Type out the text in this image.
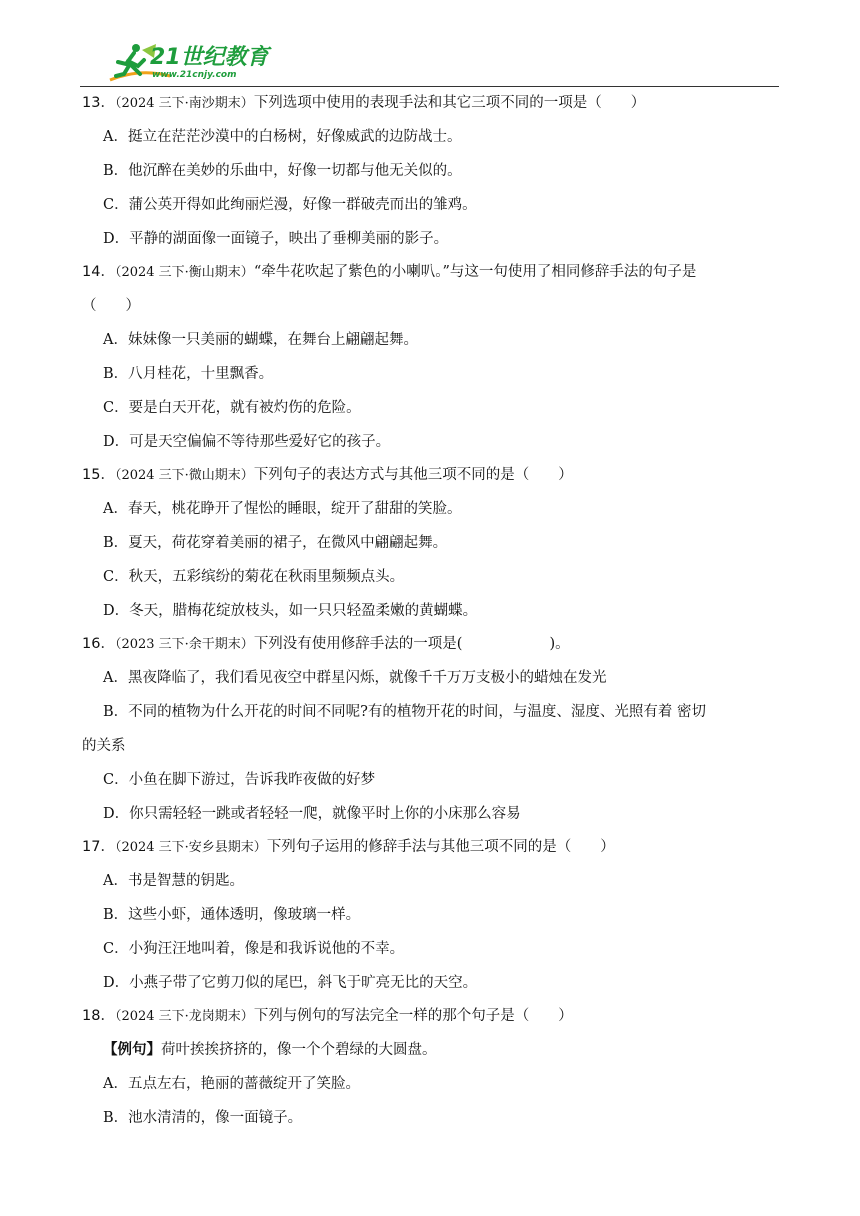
21世纪教育
www.21cnjy.com
13．（2024 三下·南沙期末）下列选项中使用的表现手法和其它三项不同的一项是（　　）
A．挺立在茫茫沙漠中的白杨树，好像威武的边防战士。
B．他沉醉在美妙的乐曲中，好像一切都与他无关似的。
C．蒲公英开得如此绚丽烂漫，好像一群破壳而出的雏鸡。
D．平静的湖面像一面镜子，映出了垂柳美丽的影子。
14．（2024 三下·衡山期末）“牵牛花吹起了紫色的小喇叭。”与这一句使用了相同修辞手法的句子是
（　　）
A．妹妹像一只美丽的蝴蝶，在舞台上翩翩起舞。
B．八月桂花，十里飘香。
C．要是白天开花，就有被灼伤的危险。
D．可是天空偏偏不等待那些爱好它的孩子。
15．（2024 三下·微山期末）下列句子的表达方式与其他三项不同的是（　　）
A．春天，桃花睁开了惺忪的睡眼，绽开了甜甜的笑脸。
B．夏天，荷花穿着美丽的裙子，在微风中翩翩起舞。
C．秋天，五彩缤纷的菊花在秋雨里频频点头。
D．冬天，腊梅花绽放枝头，如一只只轻盈柔嫩的黄蝴蝶。
16．（2023 三下·余干期末）下列没有使用修辞手法的一项是(　　　　　　)。
A．黑夜降临了，我们看见夜空中群星闪烁，就像千千万万支极小的蜡烛在发光
B．不同的植物为什么开花的时间不同呢?有的植物开花的时间，与温度、湿度、光照有着 密切
的关系
C．小鱼在脚下游过，告诉我昨夜做的好梦
D．你只需轻轻一跳或者轻轻一爬，就像平时上你的小床那么容易
17．（2024 三下·安乡县期末）下列句子运用的修辞手法与其他三项不同的是（　　）
A．书是智慧的钥匙。
B．这些小虾，通体透明，像玻璃一样。
C．小狗汪汪地叫着，像是和我诉说他的不幸。
D．小燕子带了它剪刀似的尾巴，斜飞于旷亮无比的天空。
18．（2024 三下·龙岗期末）下列与例句的写法完全一样的那个句子是（　　）
【例句】荷叶挨挨挤挤的，像一个个碧绿的大圆盘。
A．五点左右，艳丽的蔷薇绽开了笑脸。
B．池水清清的，像一面镜子。
